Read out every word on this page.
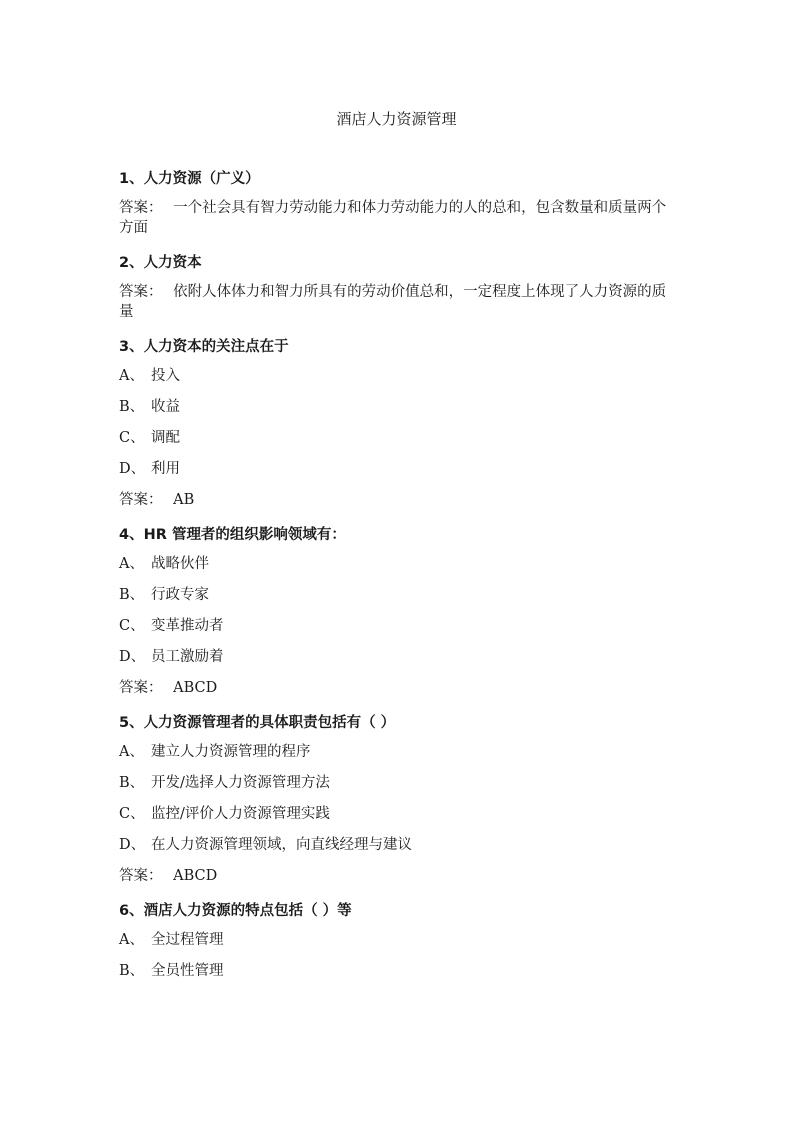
酒店人力资源管理
1、人力资源（广义）
答案： 一个社会具有智力劳动能力和体力劳动能力的人的总和，包含数量和质量两个方面
2、人力资本
答案： 依附人体体力和智力所具有的劳动价值总和，一定程度上体现了人力资源的质量
3、人力资本的关注点在于
A、 投入
B、 收益
C、 调配
D、 利用
答案： AB
4、HR 管理者的组织影响领域有：
A、 战略伙伴
B、 行政专家
C、 变革推动者
D、 员工激励着
答案： ABCD
5、人力资源管理者的具体职责包括有（ ）
A、 建立人力资源管理的程序
B、 开发/选择人力资源管理方法
C、 监控/评价人力资源管理实践
D、 在人力资源管理领域，向直线经理与建议
答案： ABCD
6、酒店人力资源的特点包括（ ）等
A、 全过程管理
B、 全员性管理
